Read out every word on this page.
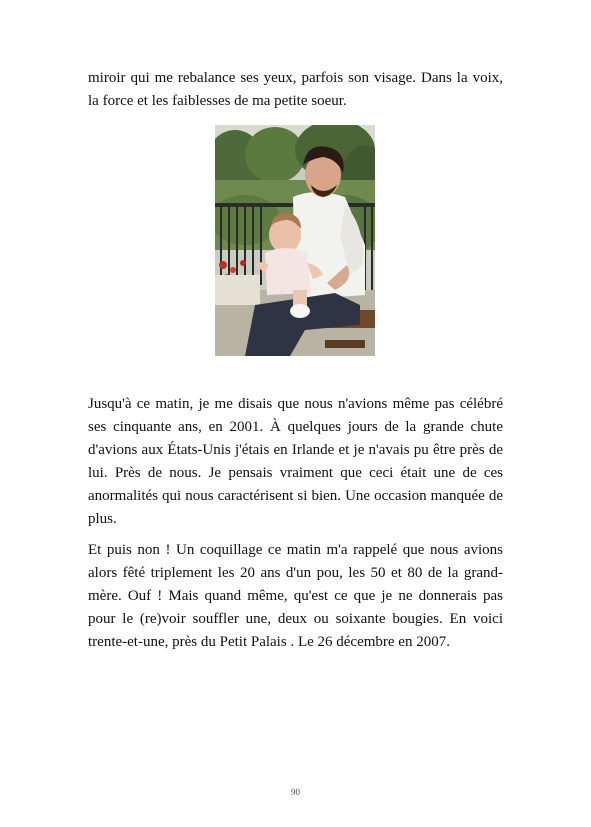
miroir qui me rebalance ses yeux, parfois son visage. Dans la voix, la force et les faiblesses de ma petite soeur.

Jusqu'à ce matin, je me disais que nous n'avions même pas célébré ses cinquante ans, en 2001. À quelques jours de la grande chute d'avions aux États-Unis j'étais en Irlande et je n'avais pu être près de lui. Près de nous. Je pensais vraiment que ceci était une de ces anormalités qui nous caractérisent si bien. Une occasion manquée de plus.

Et puis non ! Un coquillage ce matin m'a rappelé que nous avions alors fêté triplement les 20 ans d'un pou, les 50 et 80 de la grand-mère. Ouf ! Mais quand même, qu'est ce que je ne donnerais pas pour le (re)voir souffler une, deux ou soixante bougies. En voici trente-et-une, près du Petit Palais . Le 26 décembre en 2007.

90
